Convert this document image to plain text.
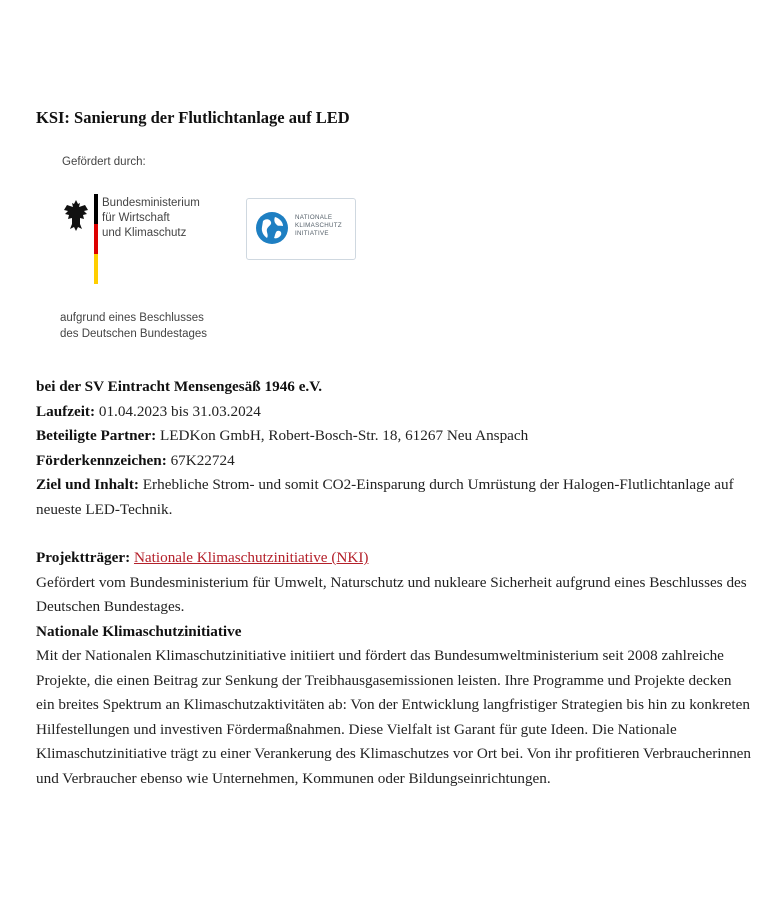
KSI: Sanierung der Flutlichtanlage auf LED
Gefördert durch:
Bundesministerium
für Wirtschaft
und Klimaschutz
NATIONALE
KLIMASCHUTZ
INITIATIVE
aufgrund eines Beschlusses
des Deutschen Bundestages

bei der SV Eintracht Mensengesäß 1946 e.V.

Laufzeit: 01.04.2023 bis 31.03.2024

Beteiligte Partner: LEDKon GmbH, Robert-Bosch-Str. 18, 61267 Neu Anspach

Förderkennzeichen: 67K22724

Ziel und Inhalt: Erhebliche Strom- und somit CO2-Einsparung durch Umrüstung der Halogen-Flutlichtanlage auf neueste LED-Technik.

Projektträger: Nationale Klimaschutzinitiative (NKI)

Gefördert vom Bundesministerium für Umwelt, Naturschutz und nukleare Sicherheit aufgrund eines Beschlusses des Deutschen Bundestages.

Nationale Klimaschutzinitiative

Mit der Nationalen Klimaschutzinitiative initiiert und fördert das Bundesumweltministerium seit 2008 zahlreiche Projekte, die einen Beitrag zur Senkung der Treibhausgasemissionen leisten. Ihre Programme und Projekte decken ein breites Spektrum an Klimaschutzaktivitäten ab: Von der Entwicklung langfristiger Strategien bis hin zu konkreten Hilfestellungen und investiven Fördermaßnahmen. Diese Vielfalt ist Garant für gute Ideen. Die Nationale Klimaschutzinitiative trägt zu einer Verankerung des Klimaschutzes vor Ort bei. Von ihr profitieren Verbraucherinnen und Verbraucher ebenso wie Unternehmen, Kommunen oder Bildungseinrichtungen.
